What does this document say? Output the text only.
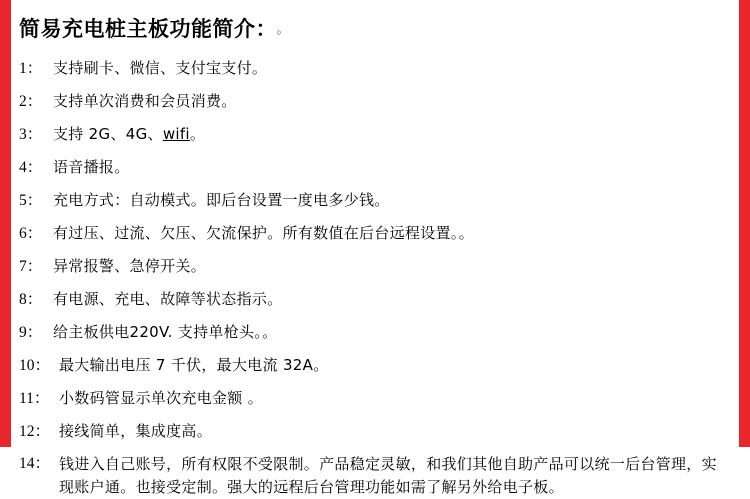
简易充电桩主板功能简介： 。
1： 支持刷卡、微信、支付宝支付。
2： 支持单次消费和会员消费。
3： 支持 2G、4G、wifi。
4： 语音播报。
5： 充电方式：自动模式。即后台设置一度电多少钱。
6： 有过压、过流、欠压、欠流保护。所有数值在后台远程设置。。
7： 异常报警、急停开关。
8： 有电源、充电、故障等状态指示。
9： 给主板供电220V. 支持单枪头。。
10： 最大输出电压 7 千伏，最大电流 32A。
11： 小数码管显示单次充电金额 。
12： 接线简单，集成度高。
14： 钱进入自己账号，所有权限不受限制。产品稳定灵敏，和我们其他自助产品可以统一后台管理，实现账户通。也接受定制。强大的远程后台管理功能如需了解另外给电子板。
